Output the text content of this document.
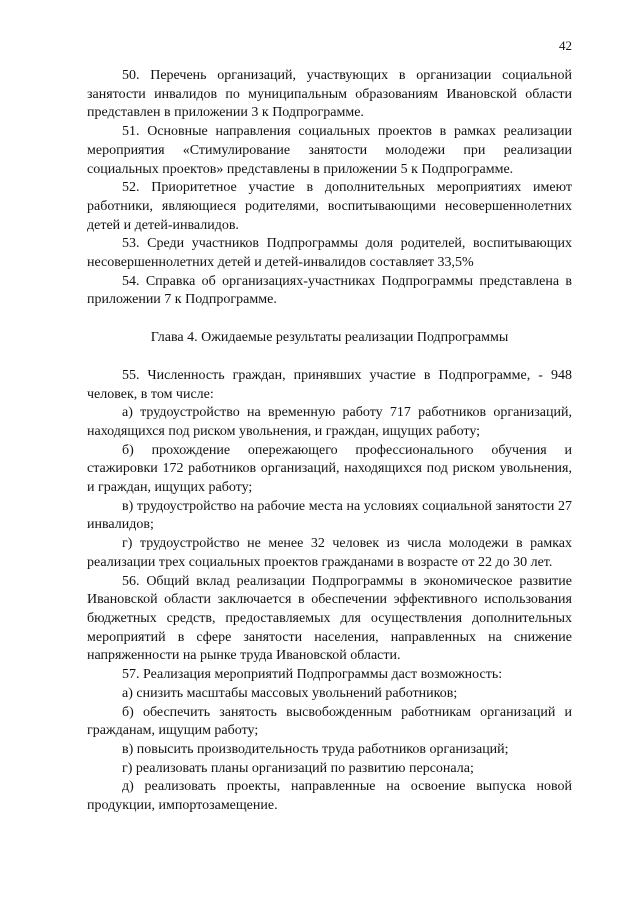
42

50. Перечень организаций, участвующих в организации социальной занятости инвалидов по муниципальным образованиям Ивановской области представлен в приложении 3 к Подпрограмме.

51. Основные направления социальных проектов в рамках реализации мероприятия «Стимулирование занятости молодежи при реализации социальных проектов» представлены в приложении 5 к Подпрограмме.

52. Приоритетное участие в дополнительных мероприятиях имеют работники, являющиеся родителями, воспитывающими несовершеннолетних детей и детей-инвалидов.

53. Среди участников Подпрограммы доля родителей, воспитывающих несовершеннолетних детей и детей-инвалидов составляет 33,5%

54. Справка об организациях-участниках Подпрограммы представлена в приложении 7 к Подпрограмме.

Глава 4. Ожидаемые результаты реализации Подпрограммы

55. Численность граждан, принявших участие в Подпрограмме, - 948 человек, в том числе:

а) трудоустройство на временную работу 717 работников организаций, находящихся под риском увольнения, и граждан, ищущих работу;

б) прохождение опережающего профессионального обучения и стажировки 172 работников организаций, находящихся под риском увольнения, и граждан, ищущих работу;

в) трудоустройство на рабочие места на условиях социальной занятости 27 инвалидов;

г) трудоустройство не менее 32 человек из числа молодежи в рамках реализации трех социальных проектов гражданами в возрасте от 22 до 30 лет.

56. Общий вклад реализации Подпрограммы в экономическое развитие Ивановской области заключается в обеспечении эффективного использования бюджетных средств, предоставляемых для осуществления дополнительных мероприятий в сфере занятости населения, направленных на снижение напряженности на рынке труда Ивановской области.

57. Реализация мероприятий Подпрограммы даст возможность:

а) снизить масштабы массовых увольнений работников;

б) обеспечить занятость высвобожденным работникам организаций и гражданам, ищущим работу;

в) повысить производительность труда работников организаций;

г) реализовать планы организаций по развитию персонала;

д) реализовать проекты, направленные на освоение выпуска новой продукции, импортозамещение.
